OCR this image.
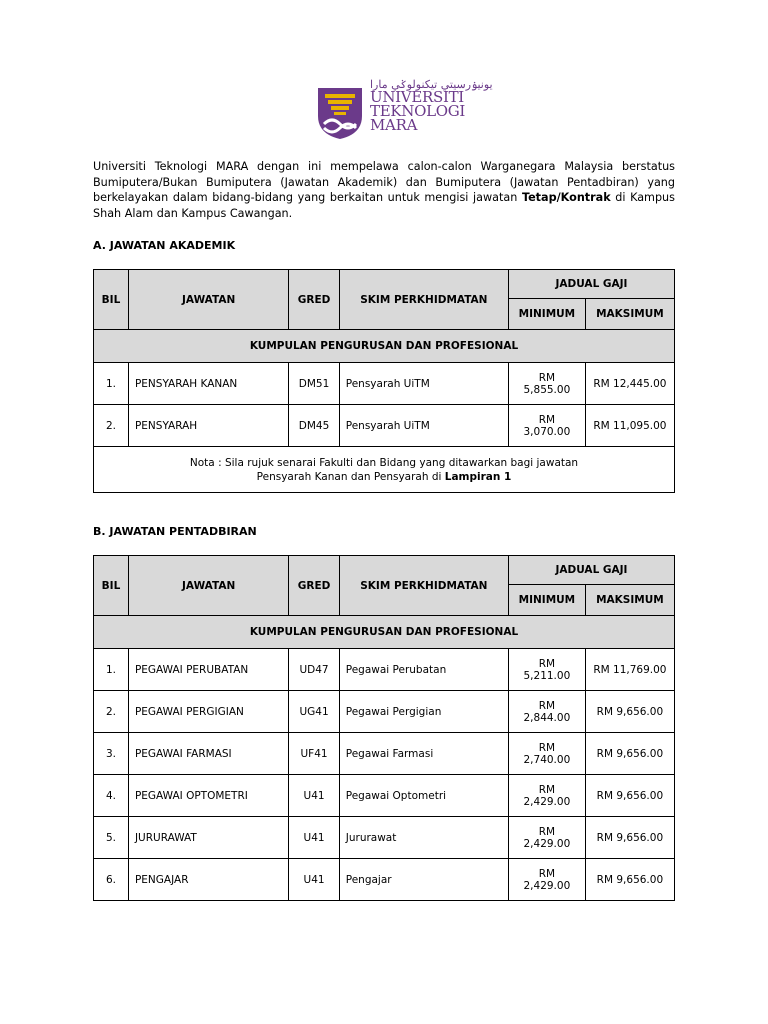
يونيۏرسيتي تيكنولوݢي مارا
UNIVERSITI
TEKNOLOGI
MARA
Universiti Teknologi MARA dengan ini mempelawa calon-calon Warganegara Malaysia berstatus Bumiputera/Bukan Bumiputera (Jawatan Akademik) dan Bumiputera (Jawatan Pentadbiran) yang berkelayakan dalam bidang-bidang yang berkaitan untuk mengisi jawatan Tetap/Kontrak di Kampus Shah Alam dan Kampus Cawangan.
A. JAWATAN AKADEMIK
BIL	JAWATAN	GRED	SKIM PERKHIDMATAN	JADUAL GAJI	
				MINIMUM	MAKSIMUM
KUMPULAN PENGURUSAN DAN PROFESIONAL					
1.	PENSYARAH KANAN	DM51	Pensyarah UiTM	RM 5,855.00	RM 12,445.00
2.	PENSYARAH	DM45	Pensyarah UiTM	RM 3,070.00	RM 11,095.00

Nota : Sila rujuk senarai Fakulti dan Bidang yang ditawarkan bagi jawatan
Pensyarah Kanan dan Pensyarah di Lampiran 1					
B. JAWATAN PENTADBIRAN
BIL	JAWATAN	GRED	SKIM PERKHIDMATAN	JADUAL GAJI	
				MINIMUM	MAKSIMUM
KUMPULAN PENGURUSAN DAN PROFESIONAL					
1.	PEGAWAI PERUBATAN	UD47	Pegawai Perubatan	RM 5,211.00	RM 11,769.00
2.	PEGAWAI PERGIGIAN	UG41	Pegawai Pergigian	RM 2,844.00	RM 9,656.00
3.	PEGAWAI FARMASI	UF41	Pegawai Farmasi	RM 2,740.00	RM 9,656.00
4.	PEGAWAI OPTOMETRI	U41	Pegawai Optometri	RM 2,429.00	RM 9,656.00
5.	JURURAWAT	U41	Jururawat	RM 2,429.00	RM 9,656.00
6.	PENGAJAR	U41	Pengajar	RM 2,429.00	RM 9,656.00
